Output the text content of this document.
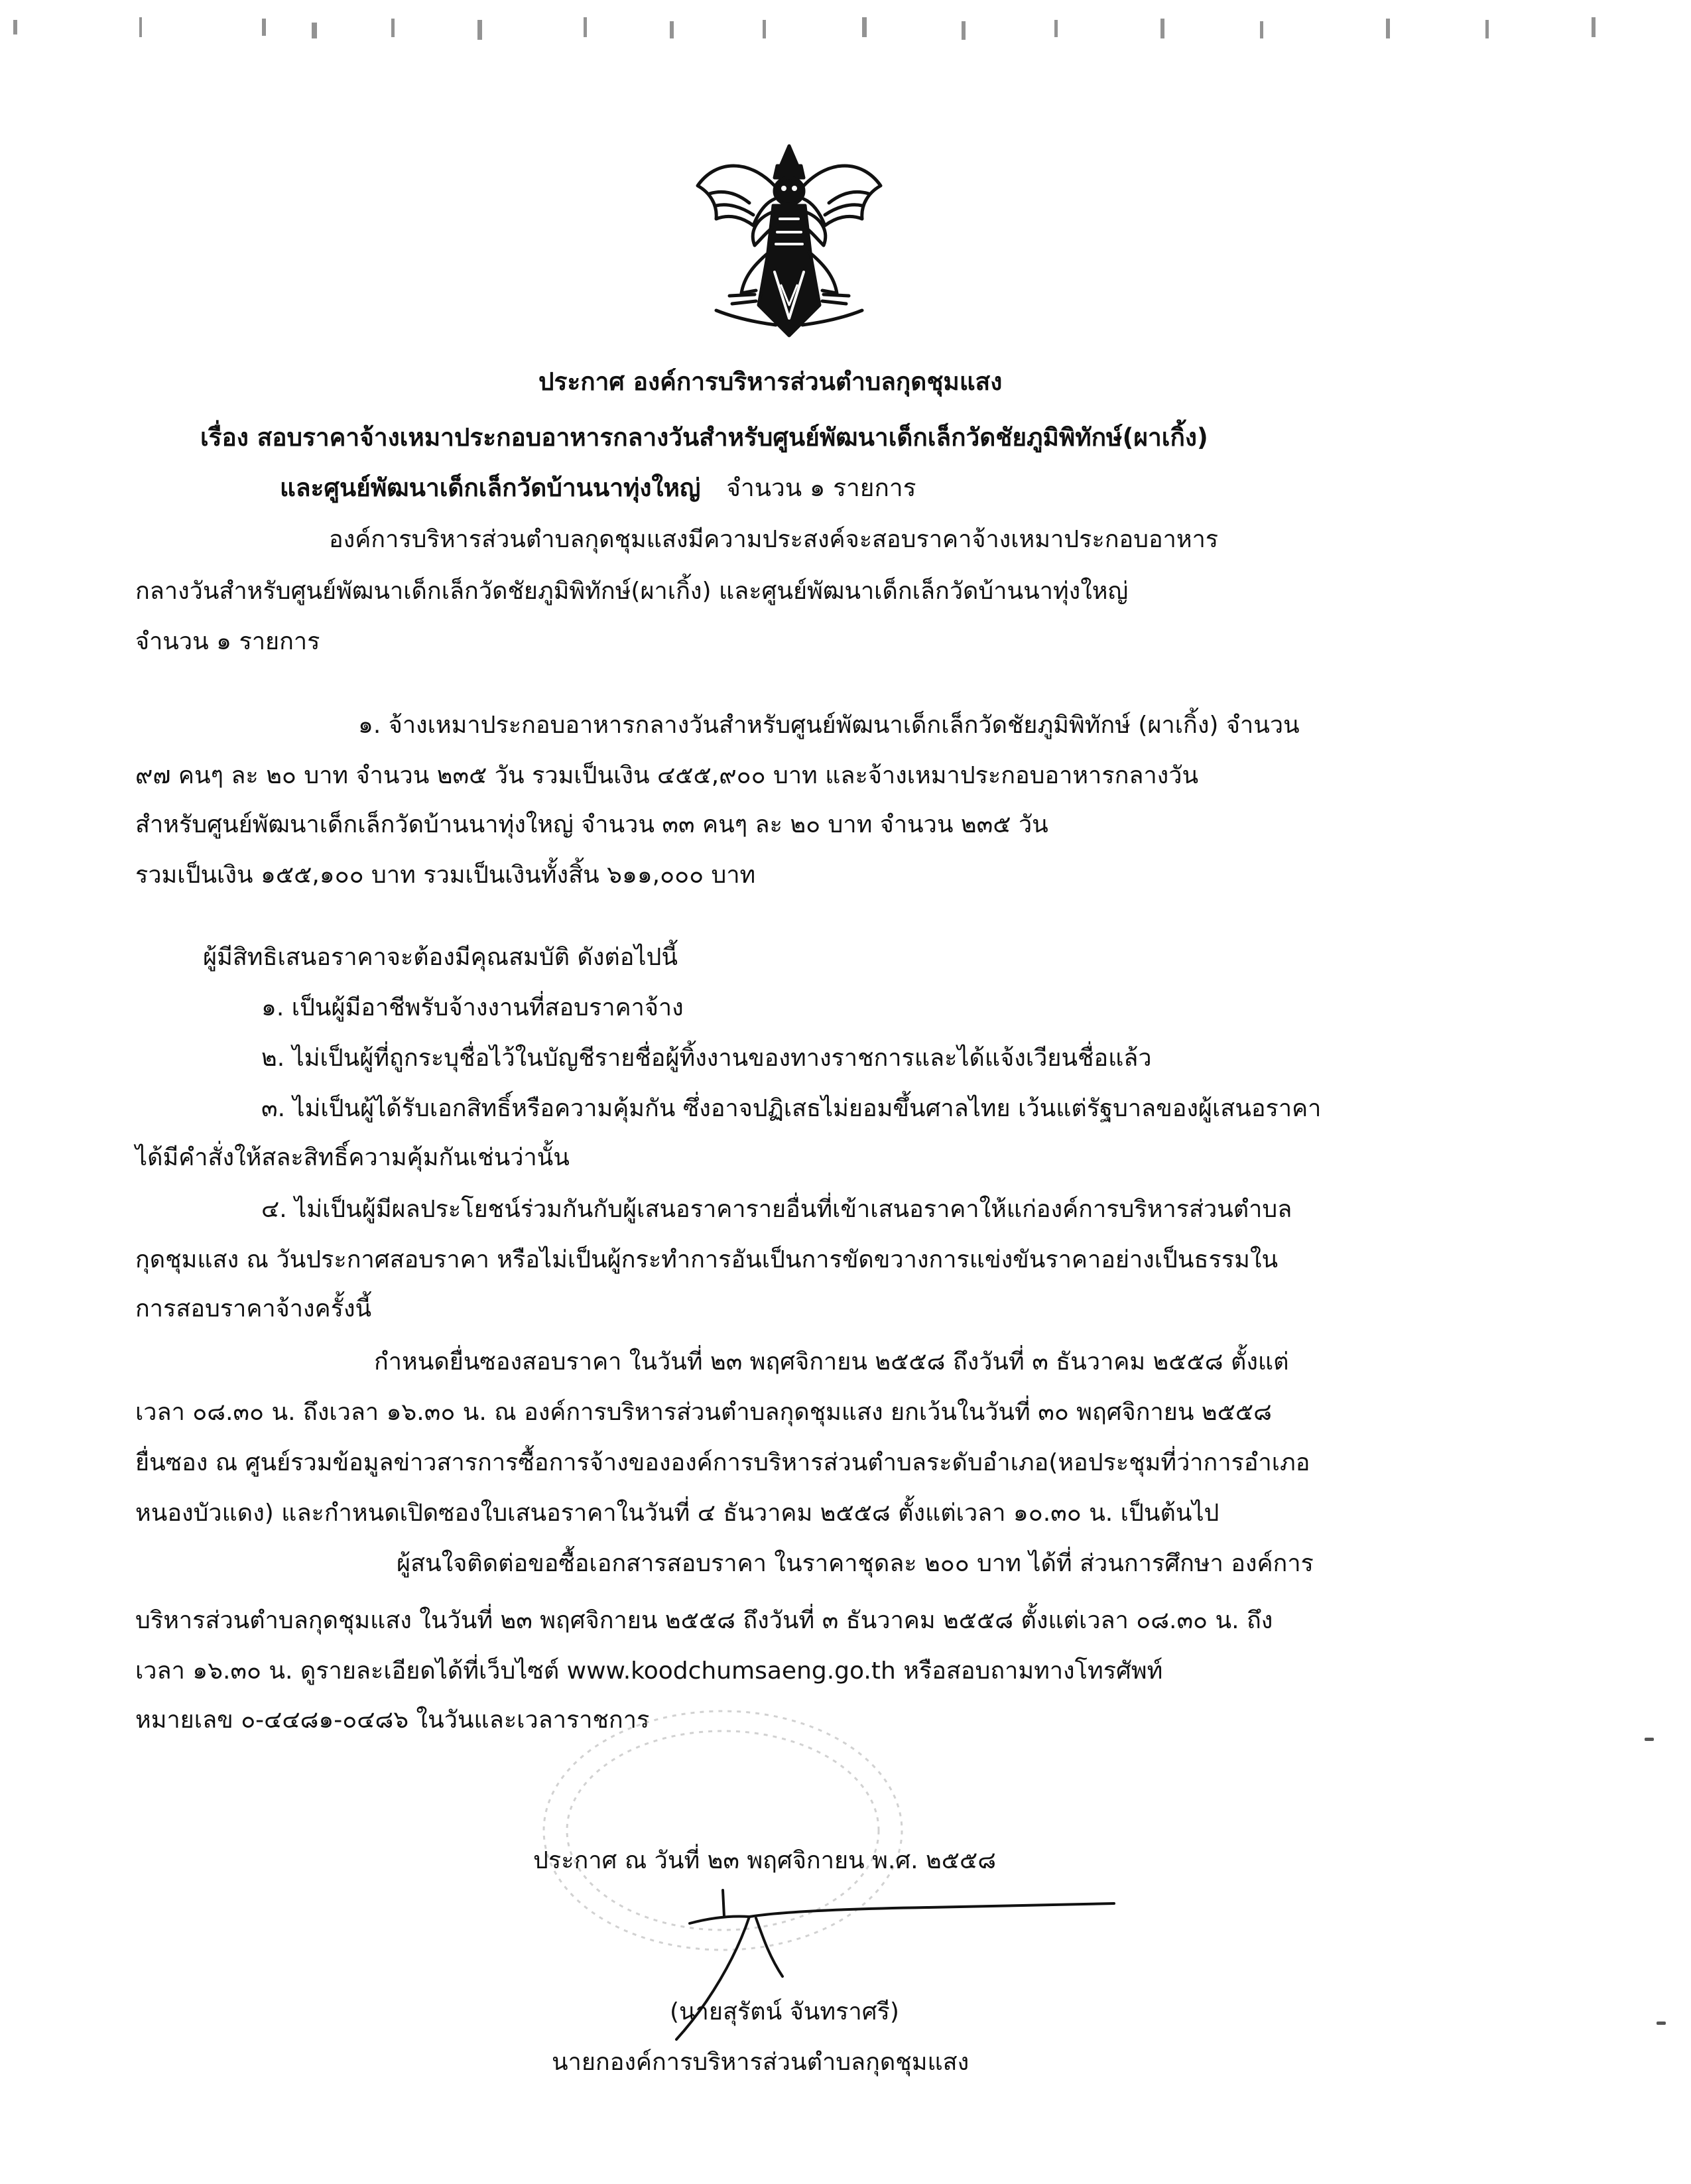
ประกาศ องค์การบริหารส่วนตำบลกุดชุมแสง
เรื่อง สอบราคาจ้างเหมาประกอบอาหารกลางวันสำหรับศูนย์พัฒนาเด็กเล็กวัดชัยภูมิพิทักษ์(ผาเกิ้ง)
และศูนย์พัฒนาเด็กเล็กวัดบ้านนาทุ่งใหญ่ จำนวน ๑ รายการ
องค์การบริหารส่วนตำบลกุดชุมแสงมีความประสงค์จะสอบราคาจ้างเหมาประกอบอาหาร
กลางวันสำหรับศูนย์พัฒนาเด็กเล็กวัดชัยภูมิพิทักษ์(ผาเกิ้ง) และศูนย์พัฒนาเด็กเล็กวัดบ้านนาทุ่งใหญ่
จำนวน ๑ รายการ
๑. จ้างเหมาประกอบอาหารกลางวันสำหรับศูนย์พัฒนาเด็กเล็กวัดชัยภูมิพิทักษ์ (ผาเกิ้ง) จำนวน
๙๗ คนๆ ละ ๒๐ บาท จำนวน ๒๓๕ วัน รวมเป็นเงิน ๔๕๕,๙๐๐ บาท และจ้างเหมาประกอบอาหารกลางวัน
สำหรับศูนย์พัฒนาเด็กเล็กวัดบ้านนาทุ่งใหญ่ จำนวน ๓๓ คนๆ ละ ๒๐ บาท จำนวน ๒๓๕ วัน
รวมเป็นเงิน ๑๕๕,๑๐๐ บาท รวมเป็นเงินทั้งสิ้น ๖๑๑,๐๐๐ บาท
ผู้มีสิทธิเสนอราคาจะต้องมีคุณสมบัติ ดังต่อไปนี้
๑. เป็นผู้มีอาชีพรับจ้างงานที่สอบราคาจ้าง
๒. ไม่เป็นผู้ที่ถูกระบุชื่อไว้ในบัญชีรายชื่อผู้ทิ้งงานของทางราชการและได้แจ้งเวียนชื่อแล้ว
๓. ไม่เป็นผู้ได้รับเอกสิทธิ์หรือความคุ้มกัน ซึ่งอาจปฏิเสธไม่ยอมขึ้นศาลไทย เว้นแต่รัฐบาลของผู้เสนอราคา
ได้มีคำสั่งให้สละสิทธิ์ความคุ้มกันเช่นว่านั้น
๔. ไม่เป็นผู้มีผลประโยชน์ร่วมกันกับผู้เสนอราคารายอื่นที่เข้าเสนอราคาให้แก่องค์การบริหารส่วนตำบล
กุดชุมแสง ณ วันประกาศสอบราคา หรือไม่เป็นผู้กระทำการอันเป็นการขัดขวางการแข่งขันราคาอย่างเป็นธรรมใน
การสอบราคาจ้างครั้งนี้
กำหนดยื่นซองสอบราคา ในวันที่ ๒๓ พฤศจิกายน ๒๕๕๘ ถึงวันที่ ๓ ธันวาคม ๒๕๕๘ ตั้งแต่
เวลา ๐๘.๓๐ น. ถึงเวลา ๑๖.๓๐ น. ณ องค์การบริหารส่วนตำบลกุดชุมแสง ยกเว้นในวันที่ ๓๐ พฤศจิกายน ๒๕๕๘
ยื่นซอง ณ ศูนย์รวมข้อมูลข่าวสารการซื้อการจ้างขององค์การบริหารส่วนตำบลระดับอำเภอ(หอประชุมที่ว่าการอำเภอ
หนองบัวแดง) และกำหนดเปิดซองใบเสนอราคาในวันที่ ๔ ธันวาคม ๒๕๕๘ ตั้งแต่เวลา ๑๐.๓๐ น. เป็นต้นไป
ผู้สนใจติดต่อขอซื้อเอกสารสอบราคา ในราคาชุดละ ๒๐๐ บาท ได้ที่ ส่วนการศึกษา องค์การ
บริหารส่วนตำบลกุดชุมแสง ในวันที่ ๒๓ พฤศจิกายน ๒๕๕๘ ถึงวันที่ ๓ ธันวาคม ๒๕๕๘ ตั้งแต่เวลา ๐๘.๓๐ น. ถึง
เวลา ๑๖.๓๐ น. ดูรายละเอียดได้ที่เว็บไซต์ www.koodchumsaeng.go.th หรือสอบถามทางโทรศัพท์
หมายเลข ๐-๔๔๘๑-๐๔๘๖ ในวันและเวลาราชการ
ประกาศ ณ วันที่ ๒๓ พฤศจิกายน พ.ศ. ๒๕๕๘
(นายสุรัตน์ จันทราศรี)
นายกองค์การบริหารส่วนตำบลกุดชุมแสง
